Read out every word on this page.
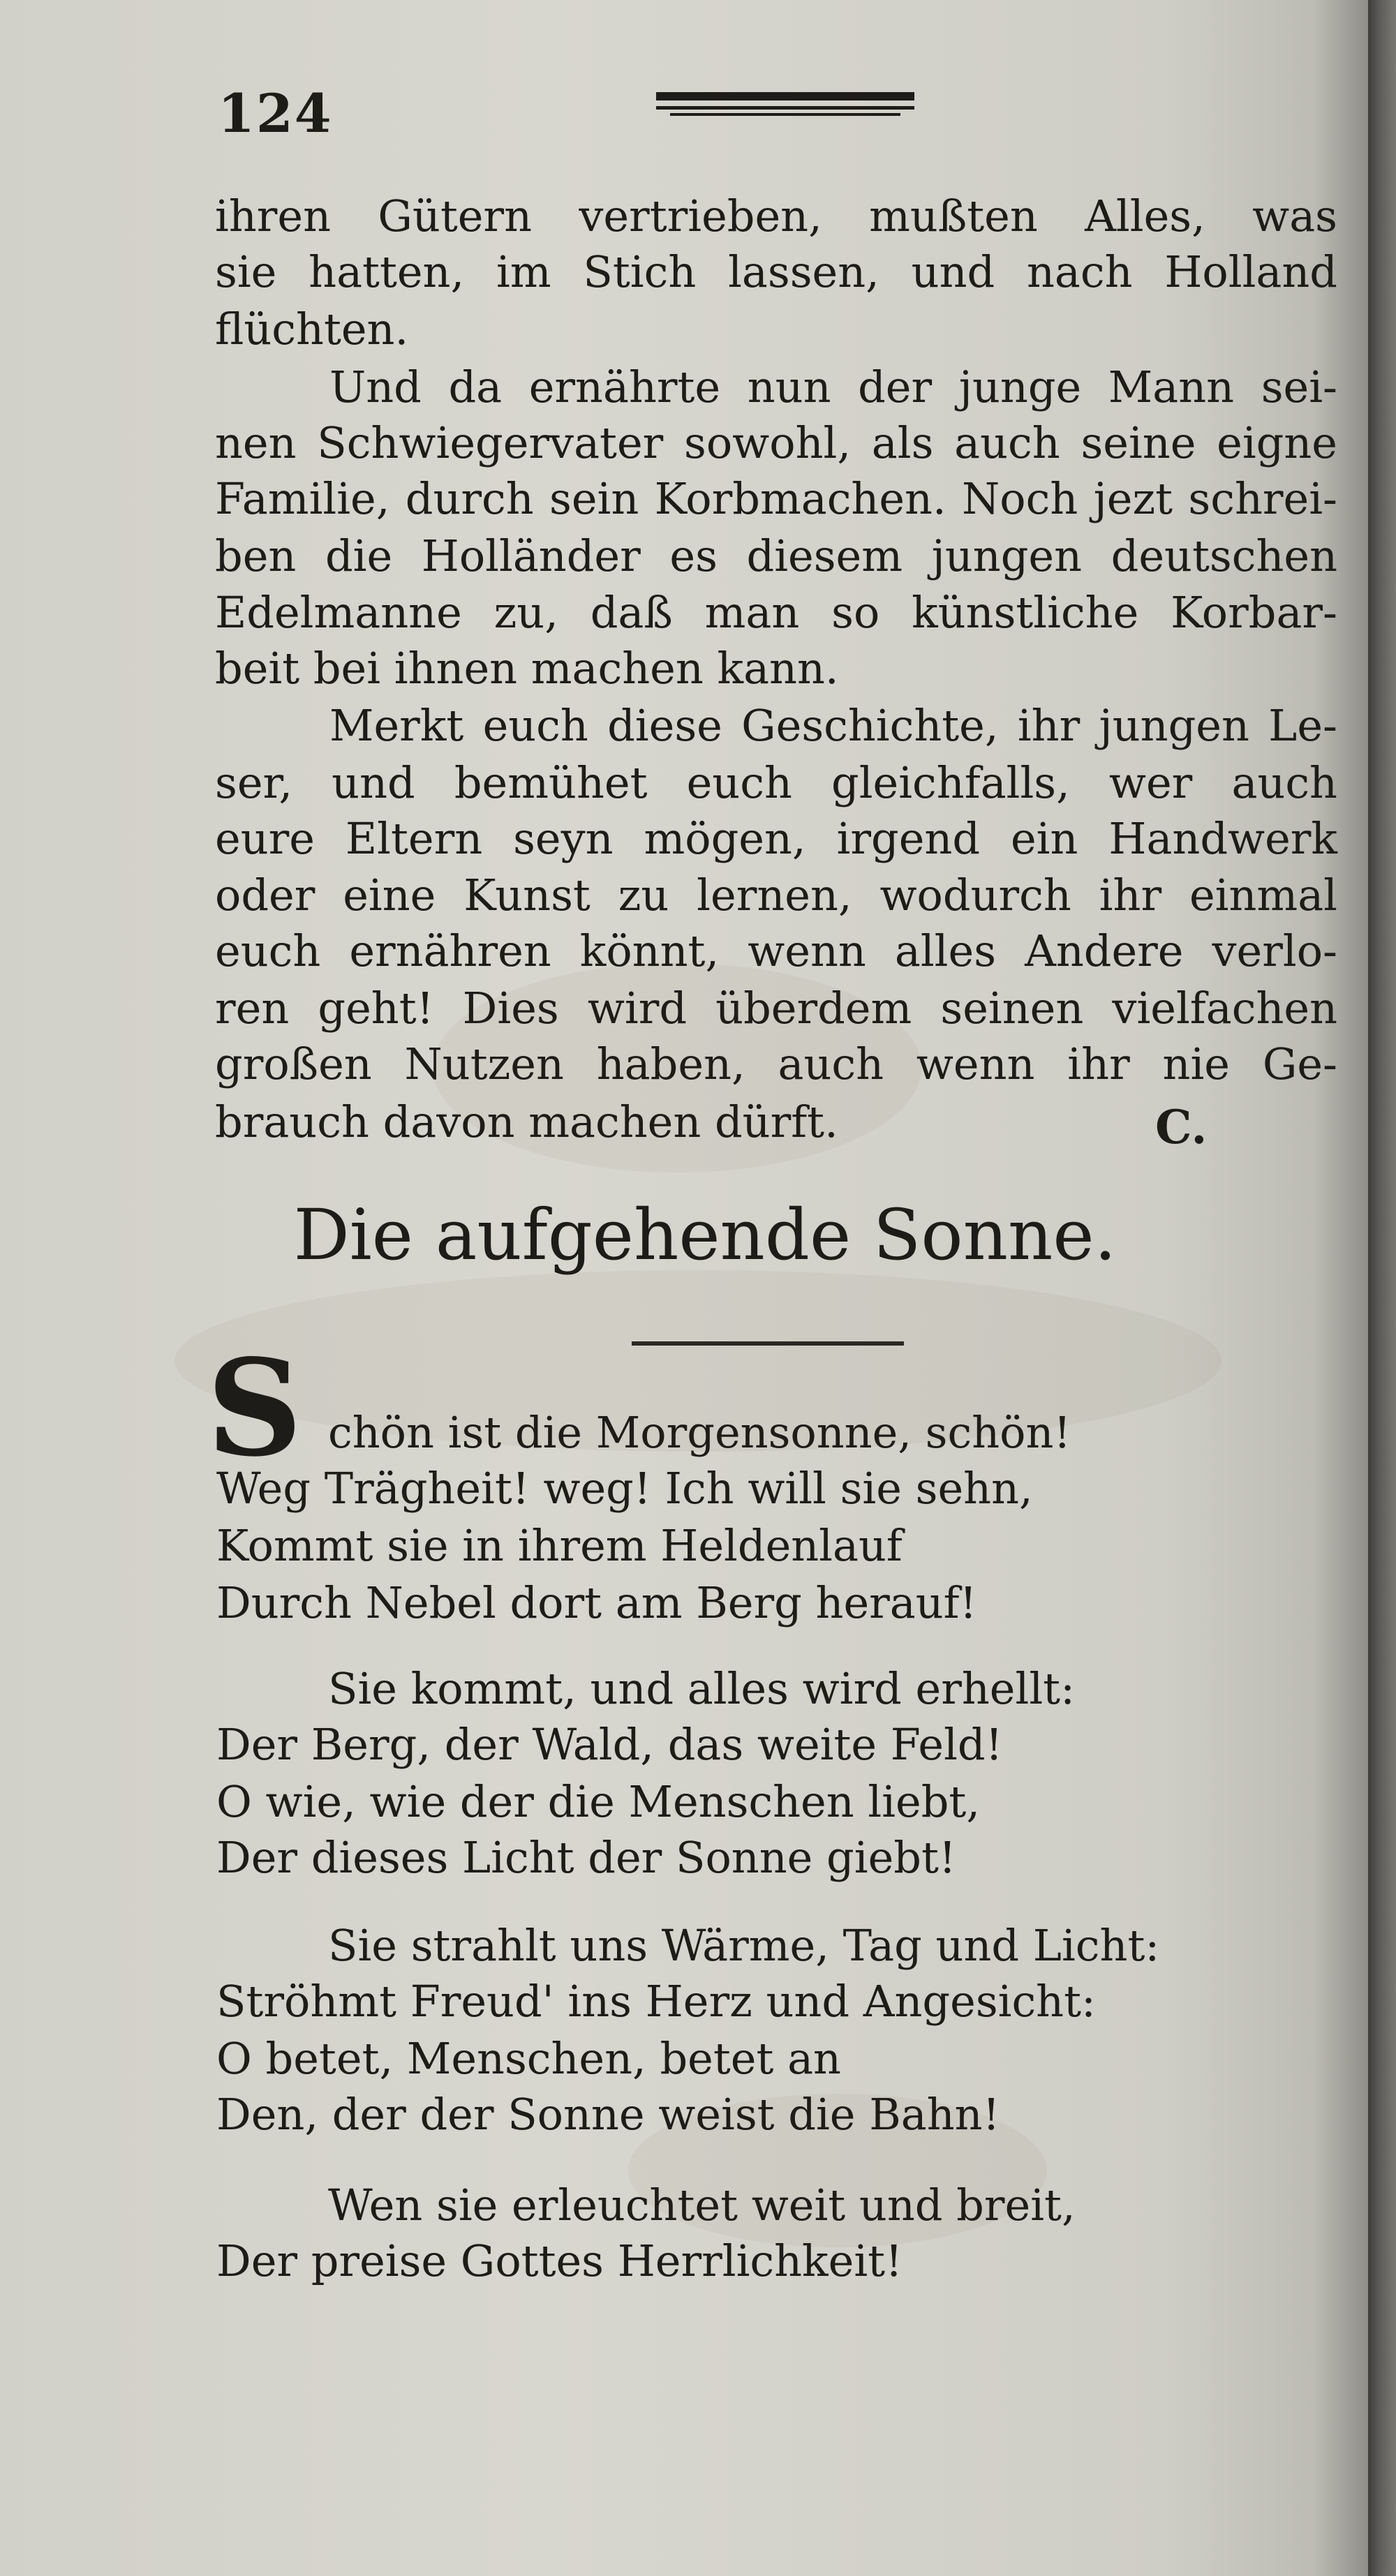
124
ihren Gütern vertrieben, mußten Alles, was
sie hatten, im Stich lassen, und nach Holland
flüchten.
Und da ernährte nun der junge Mann sei-
nen Schwiegervater sowohl, als auch seine eigne
Familie, durch sein Korbmachen. Noch jezt schrei-
ben die Holländer es diesem jungen deutschen
Edelmanne zu, daß man so künstliche Korbar-
beit bei ihnen machen kann.
Merkt euch diese Geschichte, ihr jungen Le-
ser, und bemühet euch gleichfalls, wer auch
eure Eltern seyn mögen, irgend ein Handwerk
oder eine Kunst zu lernen, wodurch ihr einmal
euch ernähren könnt, wenn alles Andere verlo-
ren geht! Dies wird überdem seinen vielfachen
großen Nutzen haben, auch wenn ihr nie Ge-
brauch davon machen dürft.	C.
Die aufgehende Sonne.
S chön ist die Morgensonne, schön!
Weg Trägheit! weg! Ich will sie sehn,
Kommt sie in ihrem Heldenlauf
Durch Nebel dort am Berg herauf!
Sie kommt, und alles wird erhellt:
Der Berg, der Wald, das weite Feld!
O wie, wie der die Menschen liebt,
Der dieses Licht der Sonne giebt!
Sie strahlt uns Wärme, Tag und Licht:
Ströhmt Freud' ins Herz und Angesicht:
O betet, Menschen, betet an
Den, der der Sonne weist die Bahn!
Wen sie erleuchtet weit und breit,
Der preise Gottes Herrlichkeit!
